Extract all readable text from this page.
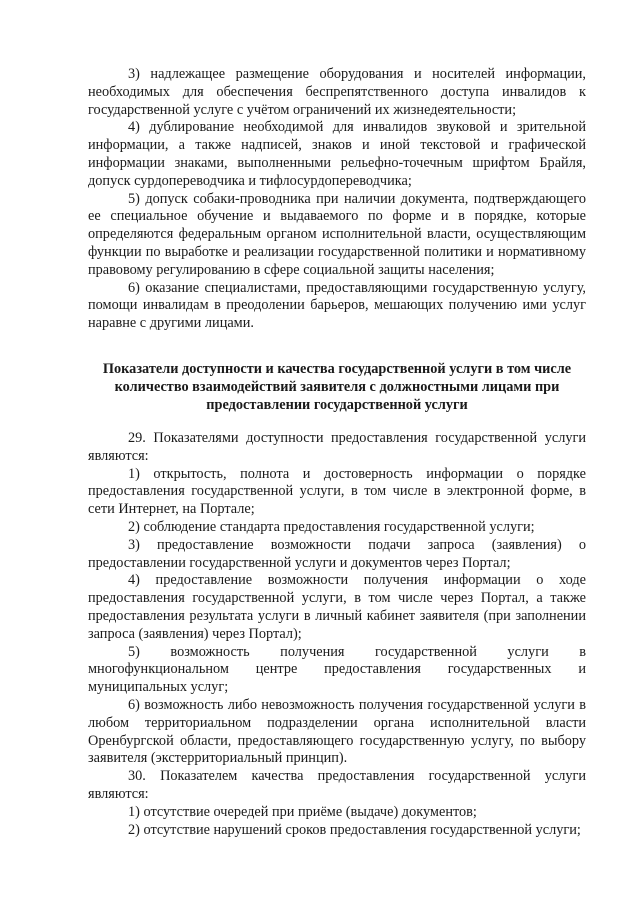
3) надлежащее размещение оборудования и носителей информации, необходимых для обеспечения беспрепятственного доступа инвалидов к государственной услуге с учётом ограничений их жизнедеятельности;

4) дублирование необходимой для инвалидов звуковой и зрительной информации, а также надписей, знаков и иной текстовой и графической информации знаками, выполненными рельефно-точечным шрифтом Брайля, допуск сурдопереводчика и тифлосурдопереводчика;

5) допуск собаки-проводника при наличии документа, подтверждающего ее специальное обучение и выдаваемого по форме и в порядке, которые определяются федеральным органом исполнительной власти, осуществляющим функции по выработке и реализации государственной политики и нормативному правовому регулированию в сфере социальной защиты населения;

6) оказание специалистами, предоставляющими государственную услугу, помощи инвалидам в преодолении барьеров, мешающих получению ими услуг наравне с другими лицами.

Показатели доступности и качества государственной услуги в том числе количество взаимодействий заявителя с должностными лицами при предоставлении государственной услуги

29. Показателями доступности предоставления государственной услуги являются:

1) открытость, полнота и достоверность информации о порядке предоставления государственной услуги, в том числе в электронной форме, в сети Интернет, на Портале;

2) соблюдение стандарта предоставления государственной услуги;

3) предоставление возможности подачи запроса (заявления) о предоставлении государственной услуги и документов через Портал;

4) предоставление возможности получения информации о ходе предоставления государственной услуги, в том числе через Портал, а также предоставления результата услуги в личный кабинет заявителя (при заполнении запроса (заявления) через Портал);

5) возможность получения государственной услуги в многофункциональном центре предоставления государственных и муниципальных услуг;

6) возможность либо невозможность получения государственной услуги в любом территориальном подразделении органа исполнительной власти Оренбургской области, предоставляющего государственную услугу, по выбору заявителя (экстерриториальный принцип).

30. Показателем качества предоставления государственной услуги являются:

1) отсутствие очередей при приёме (выдаче) документов;

2) отсутствие нарушений сроков предоставления государственной услуги;
